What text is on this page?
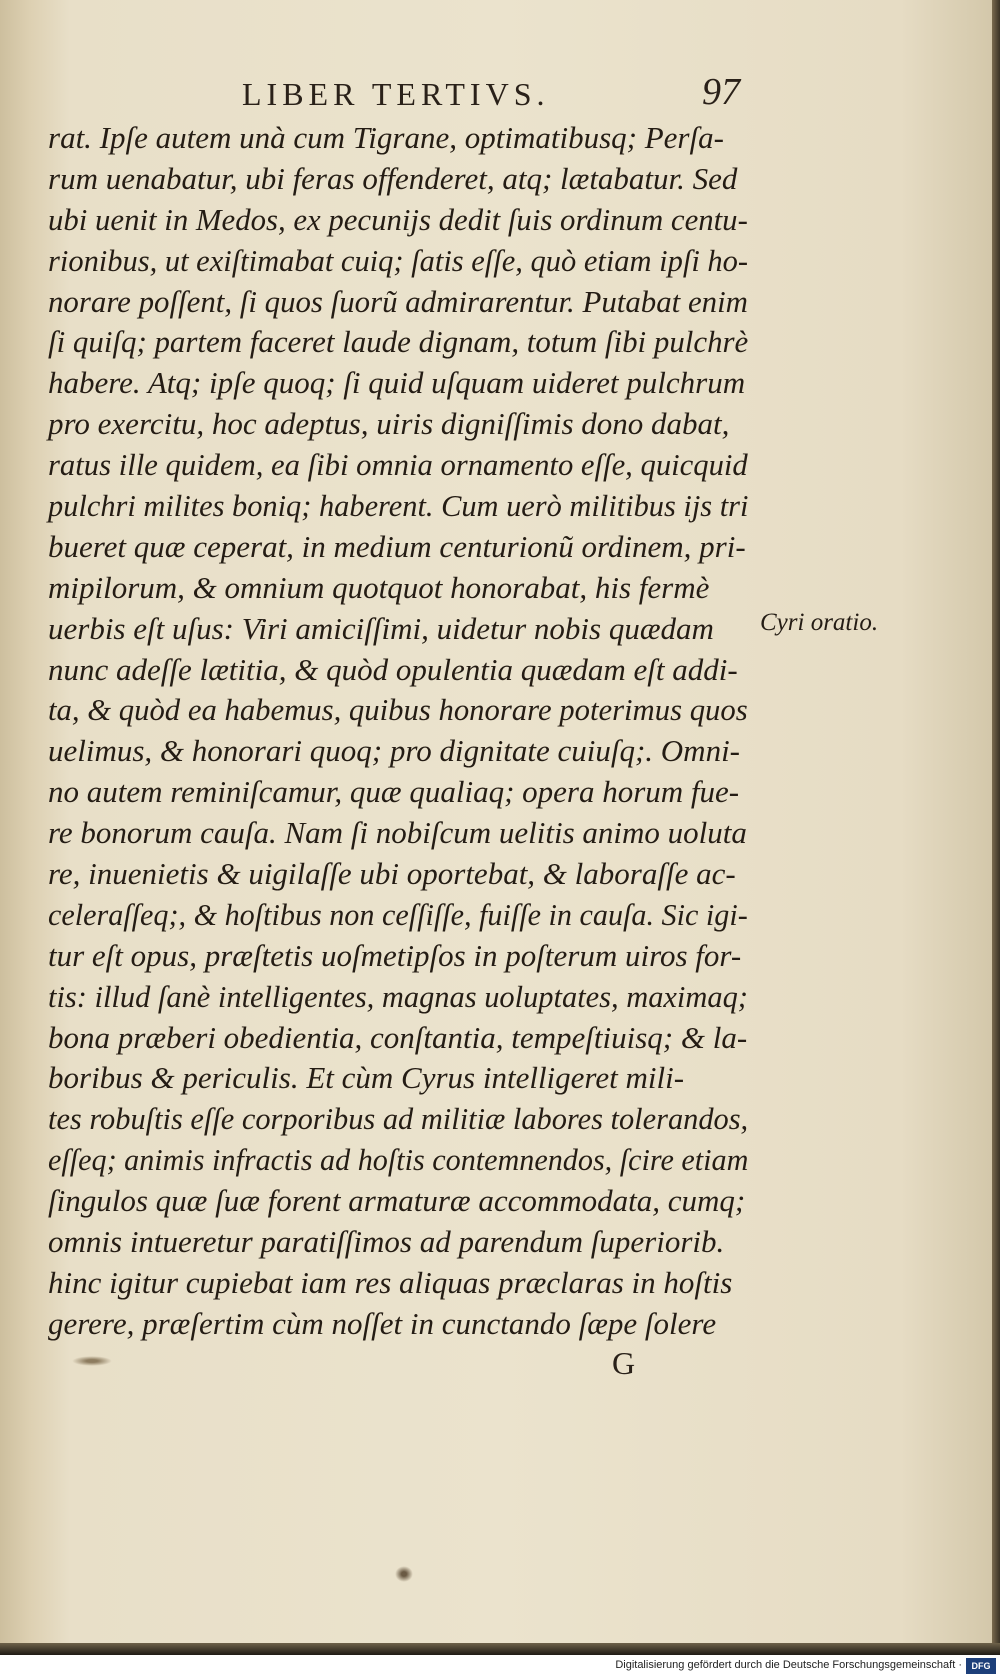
LIBER TERTIVS.	97
rat. Ipſe autem unà cum Tigrane, optimatibusq; Perſa-
rum uenabatur, ubi feras offenderet, atq; lætabatur. Sed
ubi uenit in Medos, ex pecunijs dedit ſuis ordinum centu-
rionibus, ut exiſtimabat cuiq; ſatis eſſe, quò etiam ipſi ho-
norare poſſent, ſi quos ſuorũ admirarentur. Putabat enim
ſi quiſq; partem faceret laude dignam, totum ſibi pulchrè
habere. Atq; ipſe quoq; ſi quid uſquam uideret pulchrum
pro exercitu, hoc adeptus, uiris digniſſimis dono dabat,
ratus ille quidem, ea ſibi omnia ornamento eſſe, quicquid
pulchri milites boniq; haberent. Cum uerò militibus ijs tri
bueret quæ ceperat, in medium centurionũ ordinem, pri-
mipilorum, & omnium quotquot honorabat, his fermè
uerbis eſt uſus: Viri amiciſſimi, uidetur nobis quædam
nunc adeſſe lætitia, & quòd opulentia quædam eſt addi-
ta, & quòd ea habemus, quibus honorare poterimus quos
uelimus, & honorari quoq; pro dignitate cuiuſq;. Omni-
no autem reminiſcamur, quæ qualiaq; opera horum fue-
re bonorum cauſa. Nam ſi nobiſcum uelitis animo uoluta
re, inuenietis & uigilaſſe ubi oportebat, & laboraſſe ac-
celeraſſeq;, & hoſtibus non ceſſiſſe, fuiſſe in cauſa. Sic igi-
tur eſt opus, præſtetis uoſmetipſos in poſterum uiros for-
tis: illud ſanè intelligentes, magnas uoluptates, maximaq;
bona præberi obedientia, conſtantia, tempeſtiuisq; & la-
boribus & periculis. Et cùm Cyrus intelligeret mili-
tes robuſtis eſſe corporibus ad militiæ labores tolerandos,
eſſeq; animis infractis ad hoſtis contemnendos, ſcire etiam
ſingulos quæ ſuæ forent armaturæ accommodata, cumq;
omnis intueretur paratiſſimos ad parendum ſuperiorib.
hinc igitur cupiebat iam res aliquas præclaras in hoſtis
gerere, præſertim cùm noſſet in cunctando ſæpe ſolere
Cyri oratio.
G
Digitalisierung gefördert durch die Deutsche Forschungsgemeinschaft ·	DFG
